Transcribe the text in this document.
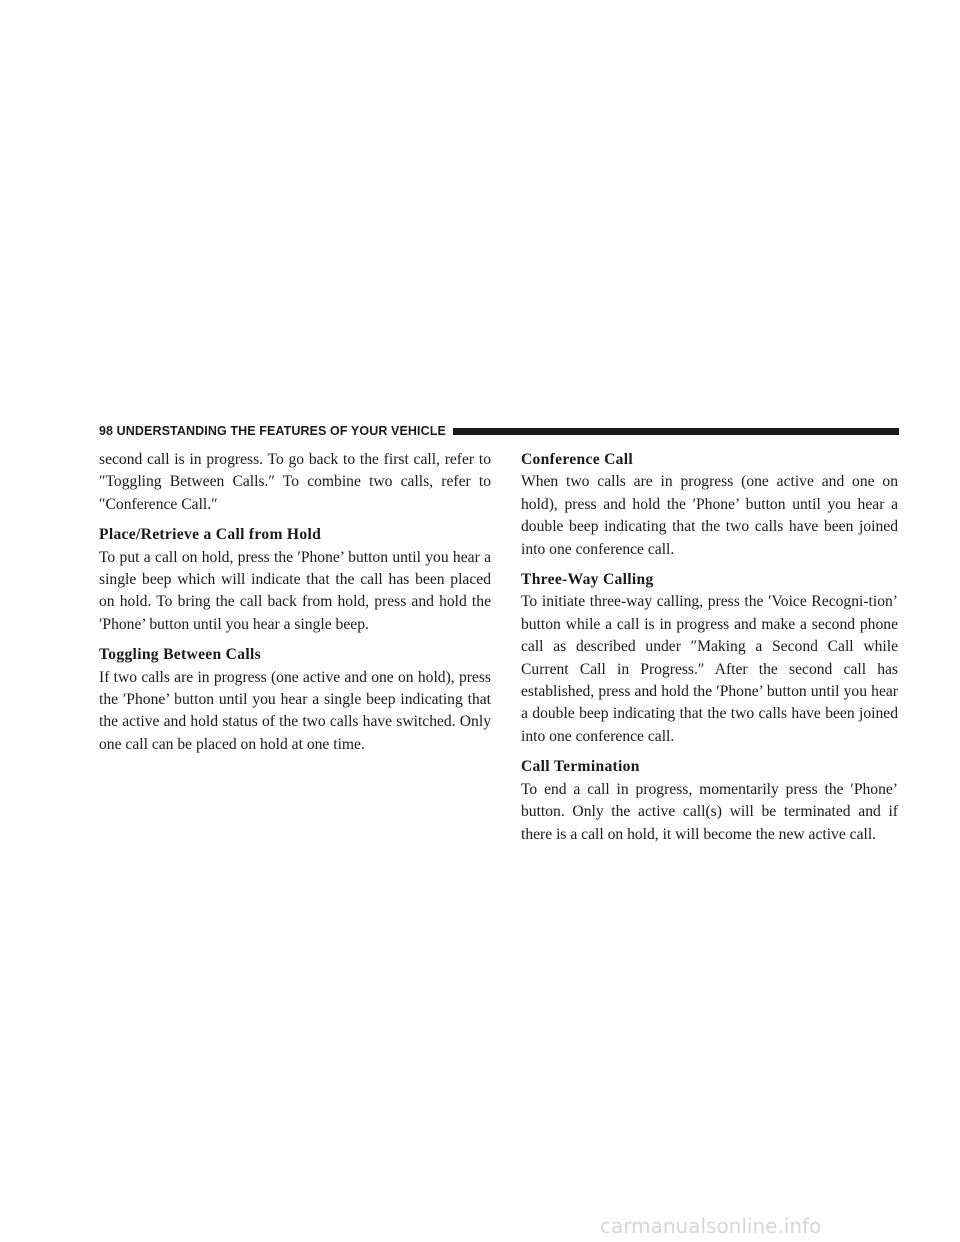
98 UNDERSTANDING THE FEATURES OF YOUR VEHICLE

second call is in progress. To go back to the first call, refer to ″Toggling Between Calls.″ To combine two calls, refer to ″Conference Call.″

Place/Retrieve a Call from Hold

To put a call on hold, press the ′Phone’ button until you hear a single beep which will indicate that the call has been placed on hold. To bring the call back from hold, press and hold the ′Phone’ button until you hear a single beep.

Toggling Between Calls

If two calls are in progress (one active and one on hold), press the ′Phone’ button until you hear a single beep indicating that the active and hold status of the two calls have switched. Only one call can be placed on hold at one time.

Conference Call

When two calls are in progress (one active and one on hold), press and hold the ′Phone’ button until you hear a double beep indicating that the two calls have been joined into one conference call.

Three-Way Calling

To initiate three-way calling, press the ′Voice Recogni-tion’ button while a call is in progress and make a second phone call as described under ″Making a Second Call while Current Call in Progress.″ After the second call has established, press and hold the ′Phone’ button until you hear a double beep indicating that the two calls have been joined into one conference call.

Call Termination

To end a call in progress, momentarily press the ′Phone’ button. Only the active call(s) will be terminated and if there is a call on hold, it will become the new active call.

carmanualsonline.info
